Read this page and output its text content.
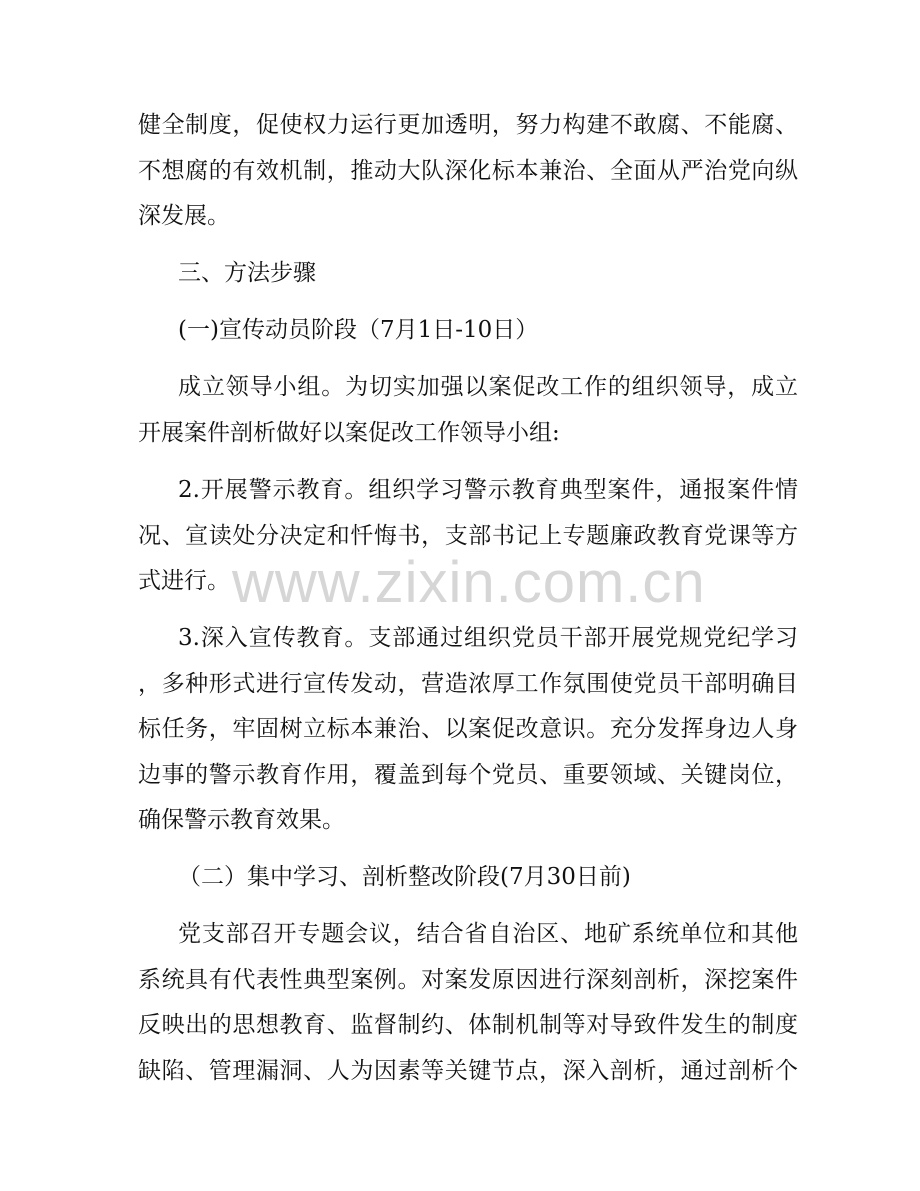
www.zixin.com.cn
健全制度，促使权力运行更加透明，努力构建不敢腐、不能腐、
不想腐的有效机制，推动大队深化标本兼治、全面从严治党向纵
深发展。
三、方法步骤
(一)宣传动员阶段（7月1日-10日）
成立领导小组。为切实加强以案促改工作的组织领导，成立
开展案件剖析做好以案促改工作领导小组:
2.开展警示教育。组织学习警示教育典型案件，通报案件情
况、宣读处分决定和忏悔书，支部书记上专题廉政教育党课等方
式进行。
3.深入宣传教育。支部通过组织党员干部开展党规党纪学习
，多种形式进行宣传发动，营造浓厚工作氛围使党员干部明确目
标任务，牢固树立标本兼治、以案促改意识。充分发挥身边人身
边事的警示教育作用，覆盖到每个党员、重要领域、关键岗位，
确保警示教育效果。
（二）集中学习、剖析整改阶段(7月30日前)
党支部召开专题会议，结合省自治区、地矿系统单位和其他
系统具有代表性典型案例。对案发原因进行深刻剖析，深挖案件
反映出的思想教育、监督制约、体制机制等对导致件发生的制度
缺陷、管理漏洞、人为因素等关键节点，深入剖析，通过剖析个
